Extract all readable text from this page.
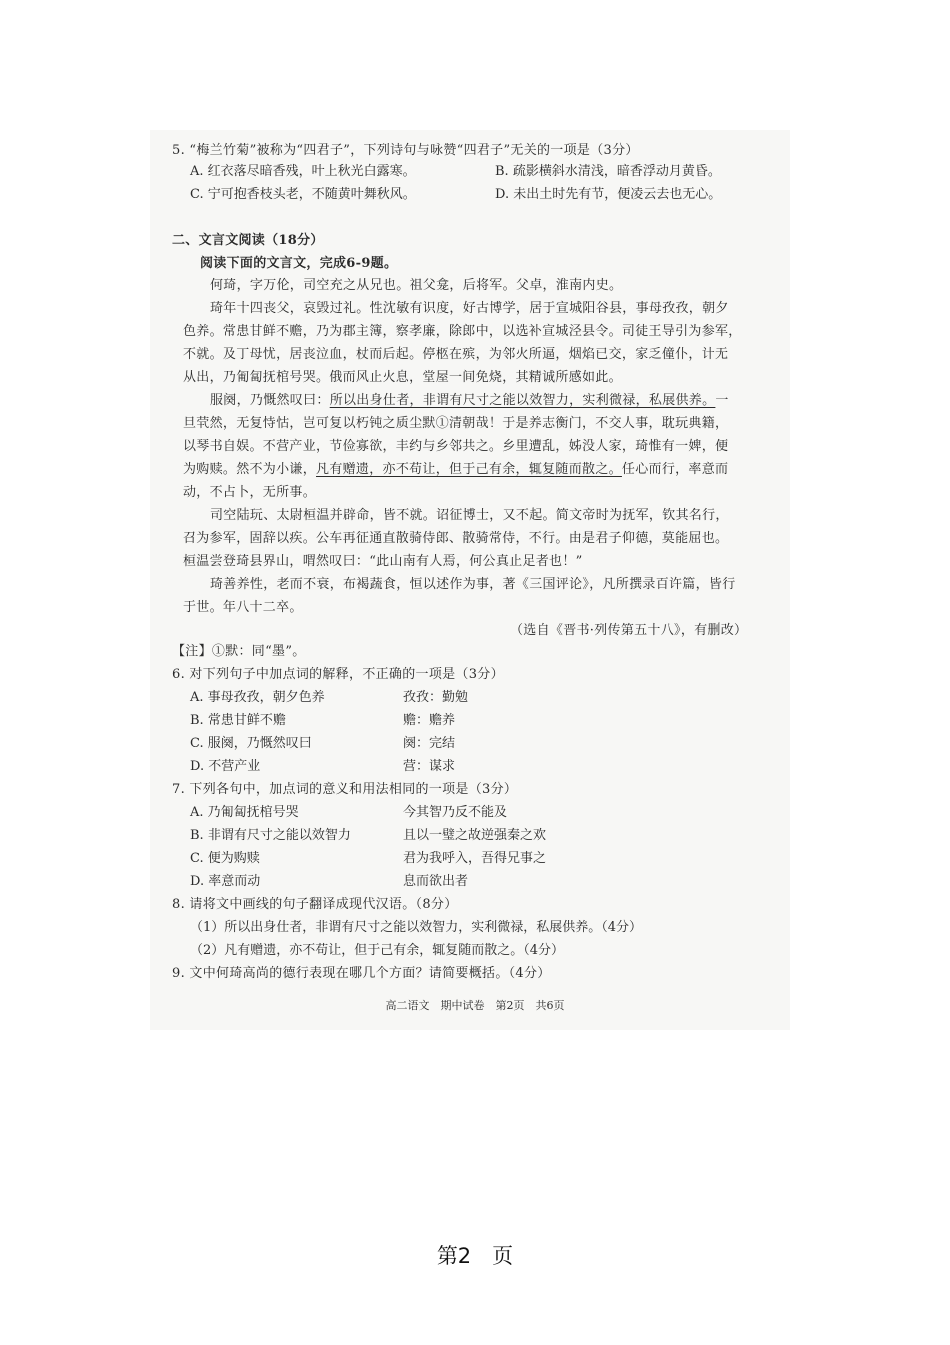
5. “梅兰竹菊”被称为“四君子”，下列诗句与咏赞“四君子”无关的一项是（3分）
A. 红衣落尽暗香残，叶上秋光白露寒。	B. 疏影横斜水清浅，暗香浮动月黄昏。
C. 宁可抱香枝头老，不随黄叶舞秋风。	D. 未出土时先有节，便凌云去也无心。
二、文言文阅读（18分）
阅读下面的文言文，完成6-9题。
何琦，字万伦，司空充之从兄也。祖父龛，后将军。父卓，淮南内史。
琦年十四丧父，哀毁过礼。性沈敏有识度，好古博学，居于宣城阳谷县，事母孜孜，朝夕
色养。常患甘鲜不赡，乃为郡主簿，察孝廉，除郎中，以选补宣城泾县令。司徒王导引为参军，
不就。及丁母忧，居丧泣血，杖而后起。停柩在殡，为邻火所逼，烟焰已交，家乏僮仆，计无
从出，乃匍匐抚棺号哭。俄而风止火息，堂屋一间免烧，其精诚所感如此。
服阕，乃慨然叹曰：所以出身仕者，非谓有尺寸之能以效智力，实利微禄，私展供养。一
旦茕然，无复恃怙，岂可复以朽钝之质尘默①清朝哉！于是养志衡门，不交人事，耽玩典籍，
以琴书自娱。不营产业，节俭寡欲，丰约与乡邻共之。乡里遭乱，姊没人家，琦惟有一婢，便
为购赎。然不为小谦，凡有赠遗，亦不苟让，但于己有余，辄复随而散之。任心而行，率意而
动，不占卜，无所事。
司空陆玩、太尉桓温并辟命，皆不就。诏征博士，又不起。简文帝时为抚军，钦其名行，
召为参军，固辞以疾。公车再征通直散骑侍郎、散骑常侍，不行。由是君子仰德，莫能屈也。
桓温尝登琦县界山，喟然叹曰：“此山南有人焉，何公真止足者也！”
琦善养性，老而不衰，布褐蔬食，恒以述作为事，著《三国评论》，凡所撰录百许篇，皆行
于世。年八十二卒。
（选自《晋书·列传第五十八》，有删改）
【注】①默：同“墨”。
6. 对下列句子中加点词的解释，不正确的一项是（3分）
A. 事母孜孜，朝夕色养	孜孜：勤勉
B. 常患甘鲜不赡	赡：赡养
C. 服阕，乃慨然叹曰	阕：完结
D. 不营产业	营：谋求
7. 下列各句中，加点词的意义和用法相同的一项是（3分）
A. 乃匍匐抚棺号哭	今其智乃反不能及
B. 非谓有尺寸之能以效智力	且以一璧之故逆强秦之欢
C. 便为购赎	君为我呼入，吾得兄事之
D. 率意而动	息而欲出者
8. 请将文中画线的句子翻译成现代汉语。（8分）
（1）所以出身仕者，非谓有尺寸之能以效智力，实利微禄，私展供养。（4分）
（2）凡有赠遗，亦不苟让，但于己有余，辄复随而散之。（4分）
9. 文中何琦高尚的德行表现在哪几个方面？请简要概括。（4分）
高二语文　期中试卷　第2页　共6页
第2　页
